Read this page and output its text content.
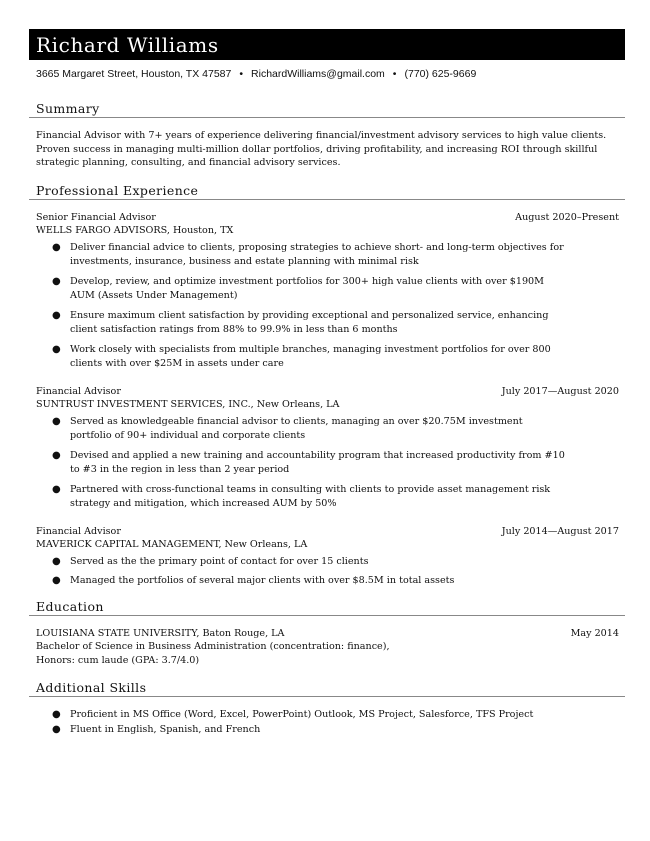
Richard Williams
3665 Margaret Street, Houston, TX 47587 • RichardWilliams@gmail.com • (770) 625-9669
Summary
Financial Advisor with 7+ years of experience delivering financial/investment advisory services to high value clients. Proven success in managing multi-million dollar portfolios, driving profitability, and increasing ROI through skillful strategic planning, consulting, and financial advisory services.
Professional Experience
Senior Financial Advisor	August 2020–Present
WELLS FARGO ADVISORS, Houston, TX
● Deliver financial advice to clients, proposing strategies to achieve short- and long-term objectives for investments, insurance, business and estate planning with minimal risk
● Develop, review, and optimize investment portfolios for 300+ high value clients with over $190M AUM (Assets Under Management)
● Ensure maximum client satisfaction by providing exceptional and personalized service, enhancing client satisfaction ratings from 88% to 99.9% in less than 6 months
● Work closely with specialists from multiple branches, managing investment portfolios for over 800 clients with over $25M in assets under care
Financial Advisor	July 2017—August 2020
SUNTRUST INVESTMENT SERVICES, INC., New Orleans, LA
● Served as knowledgeable financial advisor to clients, managing an over $20.75M investment portfolio of 90+ individual and corporate clients
● Devised and applied a new training and accountability program that increased productivity from #10 to #3 in the region in less than 2 year period
● Partnered with cross-functional teams in consulting with clients to provide asset management risk strategy and mitigation, which increased AUM by 50%
Financial Advisor	July 2014—August 2017
MAVERICK CAPITAL MANAGEMENT, New Orleans, LA
● Served as the the primary point of contact for over 15 clients
● Managed the portfolios of several major clients with over $8.5M in total assets
Education
LOUISIANA STATE UNIVERSITY, Baton Rouge, LA	May 2014
Bachelor of Science in Business Administration (concentration: finance),
Honors: cum laude (GPA: 3.7/4.0)
Additional Skills
● Proficient in MS Office (Word, Excel, PowerPoint) Outlook, MS Project, Salesforce, TFS Project
● Fluent in English, Spanish, and French
